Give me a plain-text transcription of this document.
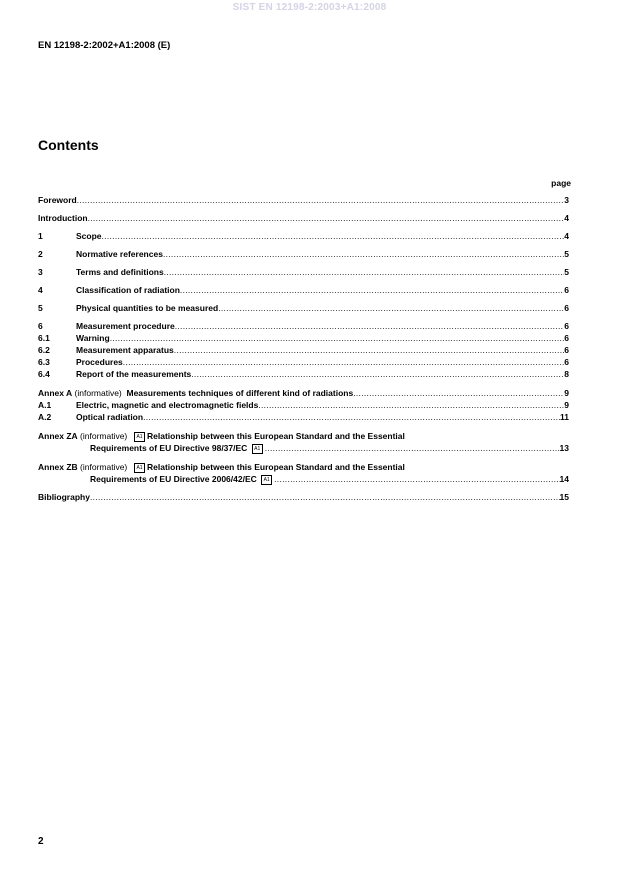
SIST EN 12198-2:2003+A1:2008
EN 12198-2:2002+A1:2008 (E)
Contents
page
Foreword .....	3
Introduction .....	4
1	Scope .....	4
2	Normative references .....	5
3	Terms and definitions .....	5
4	Classification of radiation .....	6
5	Physical quantities to be measured .....	6
6	Measurement procedure .....	6
6.1	Warning .....	6
6.2	Measurement apparatus .....	6
6.3	Procedures .....	6
6.4	Report of the measurements .....	8
Annex A (informative) Measurements techniques of different kind of radiations .....	9
A.1	Electric, magnetic and electromagnetic fields .....	9
A.2	Optical radiation .....	11
Annex ZA (informative) A1 Relationship between this European Standard and the Essential
Requirements of EU Directive 98/37/EC A1 .....	13
Annex ZB (informative) A1 Relationship between this European Standard and the Essential
Requirements of EU Directive 2006/42/EC A1 .....	14
Bibliography .....	15
2
